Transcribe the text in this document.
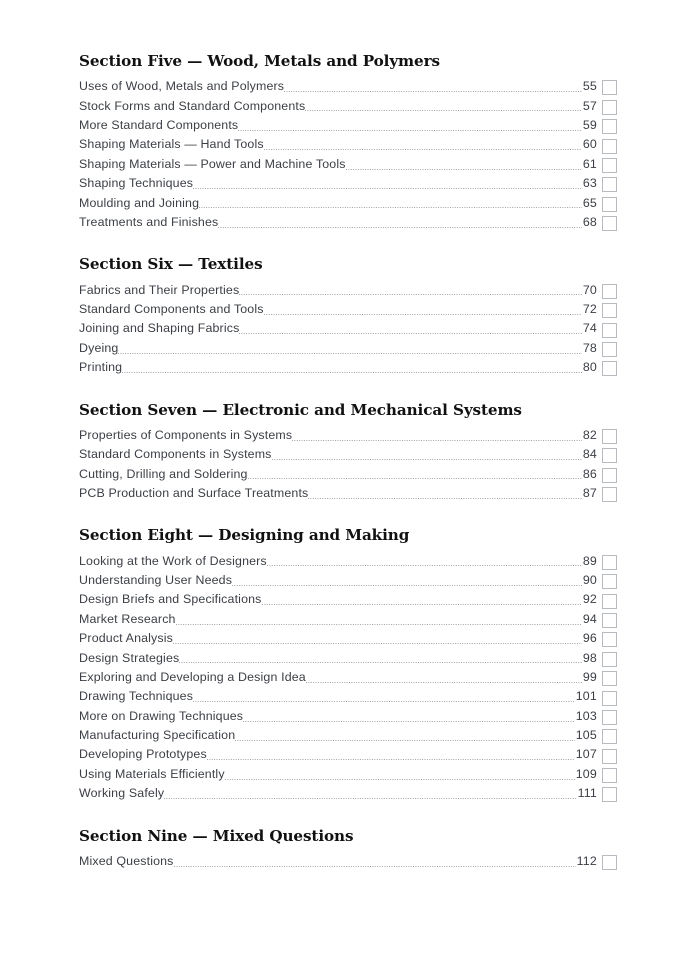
Section Five — Wood, Metals and Polymers
Uses of Wood, Metals and Polymers	55
Stock Forms and Standard Components	57
More Standard Components	59
Shaping Materials — Hand Tools	60
Shaping Materials — Power and Machine Tools	61
Shaping Techniques	63
Moulding and Joining	65
Treatments and Finishes	68
Section Six — Textiles
Fabrics and Their Properties	70
Standard Components and Tools	72
Joining and Shaping Fabrics	74
Dyeing	78
Printing	80
Section Seven — Electronic and Mechanical Systems
Properties of Components in Systems	82
Standard Components in Systems	84
Cutting, Drilling and Soldering	86
PCB Production and Surface Treatments	87
Section Eight — Designing and Making
Looking at the Work of Designers	89
Understanding User Needs	90
Design Briefs and Specifications	92
Market Research	94
Product Analysis	96
Design Strategies	98
Exploring and Developing a Design Idea	99
Drawing Techniques	101
More on Drawing Techniques	103
Manufacturing Specification	105
Developing Prototypes	107
Using Materials Efficiently	109
Working Safely	111
Section Nine — Mixed Questions
Mixed Questions	112
